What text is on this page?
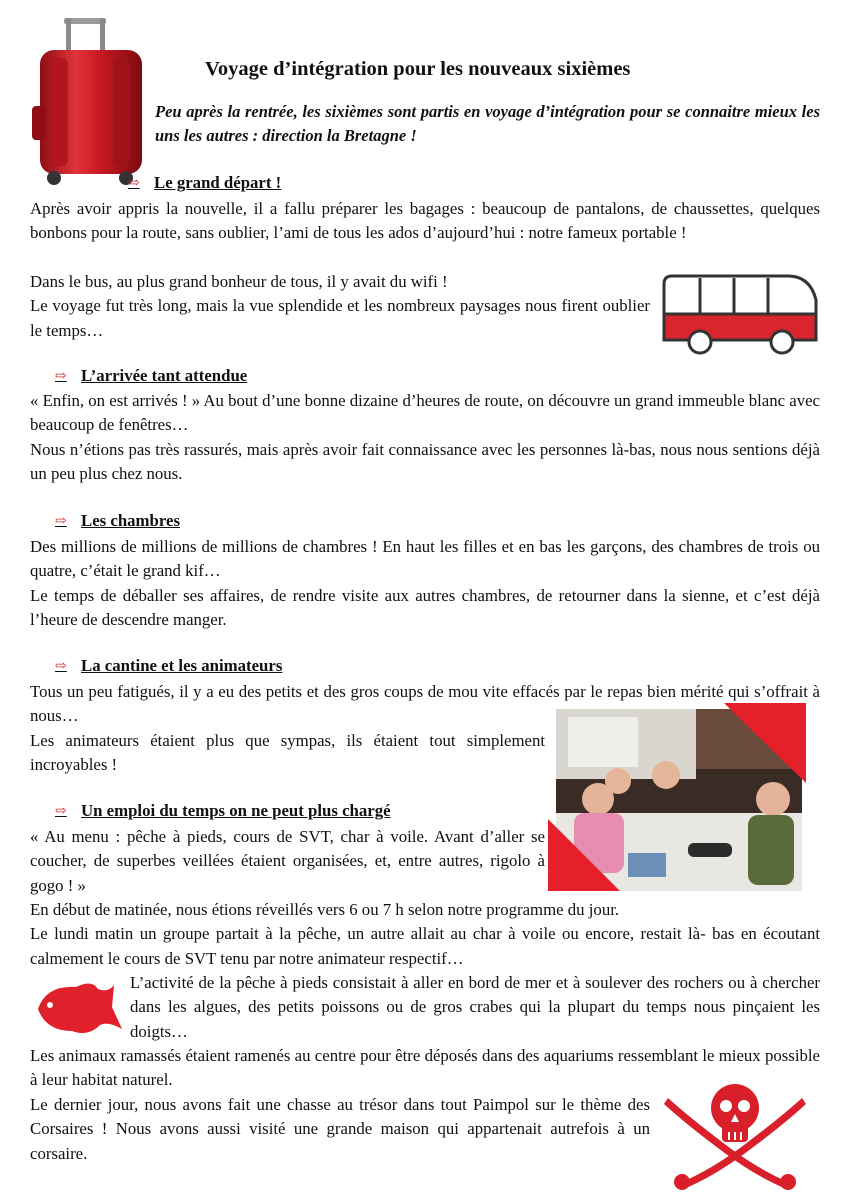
Voyage d’intégration pour les nouveaux sixièmes
Peu après la rentrée, les sixièmes sont partis en voyage d’intégration pour se connaitre mieux les uns les autres : direction la Bretagne !
⇨ Le grand départ !

Après avoir appris la nouvelle, il a fallu préparer les bagages : beaucoup de pantalons, de chaussettes, quelques bonbons pour la route, sans oublier, l’ami de tous les ados d’aujourd’hui : notre fameux portable !

Dans le bus, au plus grand bonheur de tous, il y avait du wifi !

Le voyage fut très long, mais la vue splendide et les nombreux paysages nous firent oublier le temps…

⇨ L’arrivée tant attendue

« Enfin, on est arrivés ! » Au bout d’une bonne dizaine d’heures de route, on découvre un grand immeuble blanc avec beaucoup de fenêtres…

Nous n’étions pas très rassurés, mais après avoir fait connaissance avec les personnes là-bas, nous nous sentions déjà un peu plus chez nous.

⇨ Les chambres

Des millions de millions de millions de chambres ! En haut les filles et en bas les garçons, des chambres de trois ou quatre, c’était le grand kif…

Le temps de déballer ses affaires, de rendre visite aux autres chambres, de retourner dans la sienne, et c’est déjà l’heure de descendre manger.

⇨ La cantine et les animateurs

Tous un peu fatigués, il y a eu des petits et des gros coups de mou vite effacés par le repas bien mérité qui s’offrait à nous…

Les animateurs étaient plus que sympas, ils étaient tout simplement incroyables !

⇨ Un emploi du temps on ne peut plus chargé

« Au menu : pêche à pieds, cours de SVT, char à voile. Avant d’aller se coucher, de superbes veillées étaient organisées, et, entre autres, rigolo à gogo ! »

En début de matinée, nous étions réveillés vers 6 ou 7 h selon notre programme du jour.

Le lundi matin un groupe partait à la pêche, un autre allait au char à voile ou encore, restait là- bas en écoutant calmement le cours de SVT tenu par notre animateur respectif…

L’activité de la pêche à pieds consistait à aller en bord de mer et à soulever des rochers ou à chercher dans les algues, des petits poissons ou de gros crabes qui la plupart du temps nous pinçaient les doigts…

Les animaux ramassés étaient ramenés au centre pour être déposés dans des aquariums ressemblant le mieux possible à leur habitat naturel.

Le dernier jour, nous avons fait une chasse au trésor dans tout Paimpol sur le thème des Corsaires ! Nous avons aussi visité une grande maison qui appartenait autrefois à un corsaire.
